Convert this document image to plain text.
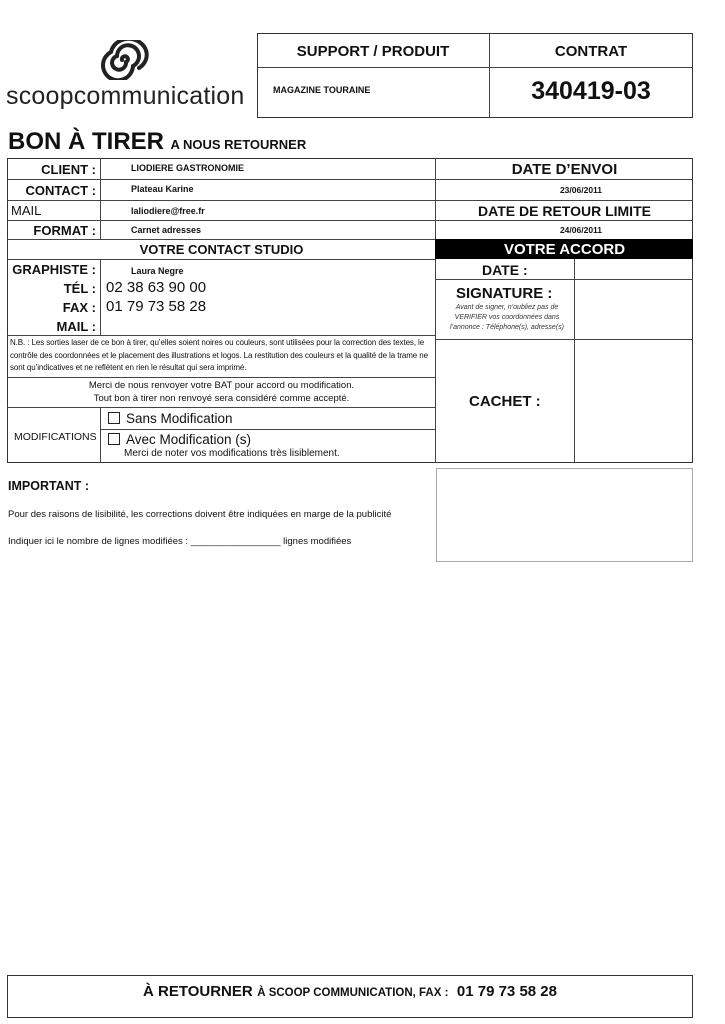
scoopcommunication
SUPPORT / PRODUIT	CONTRAT
MAGAZINE TOURAINE	340419-03
BON À TIRER A NOUS RETOURNER
CLIENT :	LIODIERE GASTRONOMIE
CONTACT :	Plateau Karine
MAIL	laliodiere@free.fr
FORMAT :	Carnet adresses
VOTRE CONTACT STUDIO
GRAPHISTE :	Laura Negre
TÉL : 02 38 63 90 00
FAX : 01 79 73 58 28
MAIL :
N.B. : Les sorties laser de ce bon à tirer, qu’elles soient noires ou couleurs, sont utilisées pour la correction des textes, le contrôle des coordonnées et le placement des illustrations et logos. La restitution des couleurs et la qualité de la trame ne sont qu’indicatives et ne reflètent en rien le résultat qui sera imprimé.
Merci de nous renvoyer votre BAT pour accord ou modification.
Tout bon à tirer non renvoyé sera considéré comme accepté.
MODIFICATIONS
Sans Modification
Avec Modification (s)
Merci de noter vos modifications très lisiblement.
DATE D’ENVOI
23/06/2011
DATE DE RETOUR LIMITE
24/06/2011
VOTRE ACCORD
DATE :
SIGNATURE :
Avant de signer, n’oubliez pas de VERIFIER vos coordonnées dans l’annonce : Téléphone(s), adresse(s)
CACHET :
IMPORTANT :
Pour des raisons de lisibilité, les corrections doivent être indiquées en marge de la publicité
Indiquer ici le nombre de lignes modifiées : _________________ lignes modifiées
À RETOURNER À SCOOP COMMUNICATION, FAX : 01 79 73 58 28
